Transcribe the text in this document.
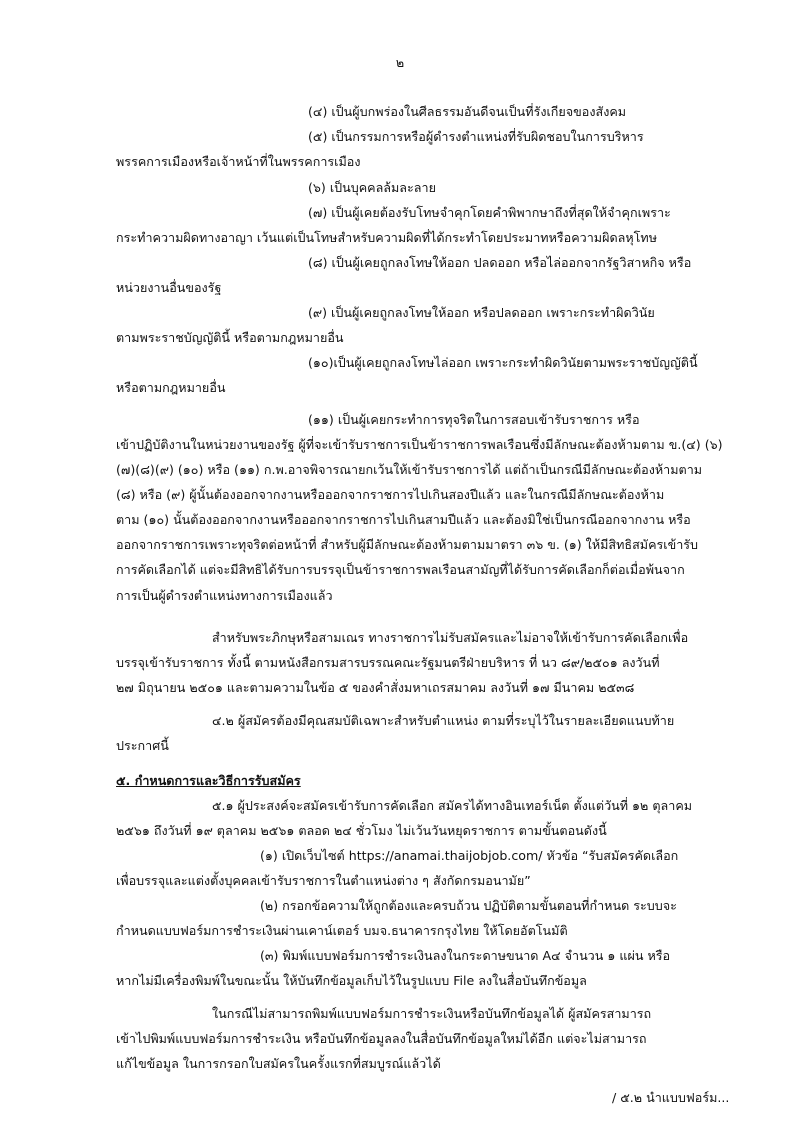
๒
(๔) เป็นผู้บกพร่องในศีลธรรมอันดีจนเป็นที่รังเกียจของสังคม
(๕) เป็นกรรมการหรือผู้ดำรงตำแหน่งที่รับผิดชอบในการบริหาร
พรรคการเมืองหรือเจ้าหน้าที่ในพรรคการเมือง
(๖) เป็นบุคคลล้มละลาย
(๗) เป็นผู้เคยต้องรับโทษจำคุกโดยคำพิพากษาถึงที่สุดให้จำคุกเพราะ
กระทำความผิดทางอาญา เว้นแต่เป็นโทษสำหรับความผิดที่ได้กระทำโดยประมาทหรือความผิดลหุโทษ
(๘) เป็นผู้เคยถูกลงโทษให้ออก ปลดออก หรือไล่ออกจากรัฐวิสาหกิจ หรือ
หน่วยงานอื่นของรัฐ
(๙) เป็นผู้เคยถูกลงโทษให้ออก หรือปลดออก เพราะกระทำผิดวินัย
ตามพระราชบัญญัตินี้ หรือตามกฎหมายอื่น
(๑๐)เป็นผู้เคยถูกลงโทษไล่ออก เพราะกระทำผิดวินัยตามพระราชบัญญัตินี้
หรือตามกฎหมายอื่น
(๑๑) เป็นผู้เคยกระทำการทุจริตในการสอบเข้ารับราชการ หรือ
เข้าปฏิบัติงานในหน่วยงานของรัฐ ผู้ที่จะเข้ารับราชการเป็นข้าราชการพลเรือนซึ่งมีลักษณะต้องห้ามตาม ข.(๔) (๖)
(๗)(๘)(๙) (๑๐) หรือ (๑๑) ก.พ.อาจพิจารณายกเว้นให้เข้ารับราชการได้ แต่ถ้าเป็นกรณีมีลักษณะต้องห้ามตาม
(๘) หรือ (๙) ผู้นั้นต้องออกจากงานหรือออกจากราชการไปเกินสองปีแล้ว และในกรณีมีลักษณะต้องห้าม
ตาม (๑๐) นั้นต้องออกจากงานหรือออกจากราชการไปเกินสามปีแล้ว และต้องมิใช่เป็นกรณีออกจากงาน หรือ
ออกจากราชการเพราะทุจริตต่อหน้าที่ สำหรับผู้มีลักษณะต้องห้ามตามมาตรา ๓๖ ข. (๑) ให้มีสิทธิสมัครเข้ารับ
การคัดเลือกได้ แต่จะมีสิทธิได้รับการบรรจุเป็นข้าราชการพลเรือนสามัญที่ได้รับการคัดเลือกก็ต่อเมื่อพ้นจาก
การเป็นผู้ดำรงตำแหน่งทางการเมืองแล้ว
สำหรับพระภิกษุหรือสามเณร ทางราชการไม่รับสมัครและไม่อาจให้เข้ารับการคัดเลือกเพื่อ
บรรจุเข้ารับราชการ ทั้งนี้ ตามหนังสือกรมสารบรรณคณะรัฐมนตรีฝ่ายบริหาร ที่ นว ๘๙/๒๕๐๑ ลงวันที่
๒๗ มิถุนายน ๒๕๐๑ และตามความในข้อ ๕ ของคำสั่งมหาเถรสมาคม ลงวันที่ ๑๗ มีนาคม ๒๕๓๘
๔.๒ ผู้สมัครต้องมีคุณสมบัติเฉพาะสำหรับตำแหน่ง ตามที่ระบุไว้ในรายละเอียดแนบท้าย
ประกาศนี้
๕. กำหนดการและวิธีการรับสมัคร
๕.๑ ผู้ประสงค์จะสมัครเข้ารับการคัดเลือก สมัครได้ทางอินเทอร์เน็ต ตั้งแต่วันที่ ๑๒ ตุลาคม
๒๕๖๑ ถึงวันที่ ๑๙ ตุลาคม ๒๕๖๑ ตลอด ๒๔ ชั่วโมง ไม่เว้นวันหยุดราชการ ตามขั้นตอนดังนี้
(๑) เปิดเว็บไซต์ https://anamai.thaijobjob.com/ หัวข้อ “รับสมัครคัดเลือก
เพื่อบรรจุและแต่งตั้งบุคคลเข้ารับราชการในตำแหน่งต่าง ๆ สังกัดกรมอนามัย”
(๒) กรอกข้อความให้ถูกต้องและครบถ้วน ปฏิบัติตามขั้นตอนที่กำหนด ระบบจะ
กำหนดแบบฟอร์มการชำระเงินผ่านเคาน์เตอร์ บมจ.ธนาคารกรุงไทย ให้โดยอัตโนมัติ
(๓) พิมพ์แบบฟอร์มการชำระเงินลงในกระดาษขนาด A๔ จำนวน ๑ แผ่น หรือ
หากไม่มีเครื่องพิมพ์ในขณะนั้น ให้บันทึกข้อมูลเก็บไว้ในรูปแบบ File ลงในสื่อบันทึกข้อมูล
ในกรณีไม่สามารถพิมพ์แบบฟอร์มการชำระเงินหรือบันทึกข้อมูลได้ ผู้สมัครสามารถ
เข้าไปพิมพ์แบบฟอร์มการชำระเงิน หรือบันทึกข้อมูลลงในสื่อบันทึกข้อมูลใหม่ได้อีก แต่จะไม่สามารถ
แก้ไขข้อมูล ในการกรอกใบสมัครในครั้งแรกที่สมบูรณ์แล้วได้
/ ๕.๒ นำแบบฟอร์ม...
